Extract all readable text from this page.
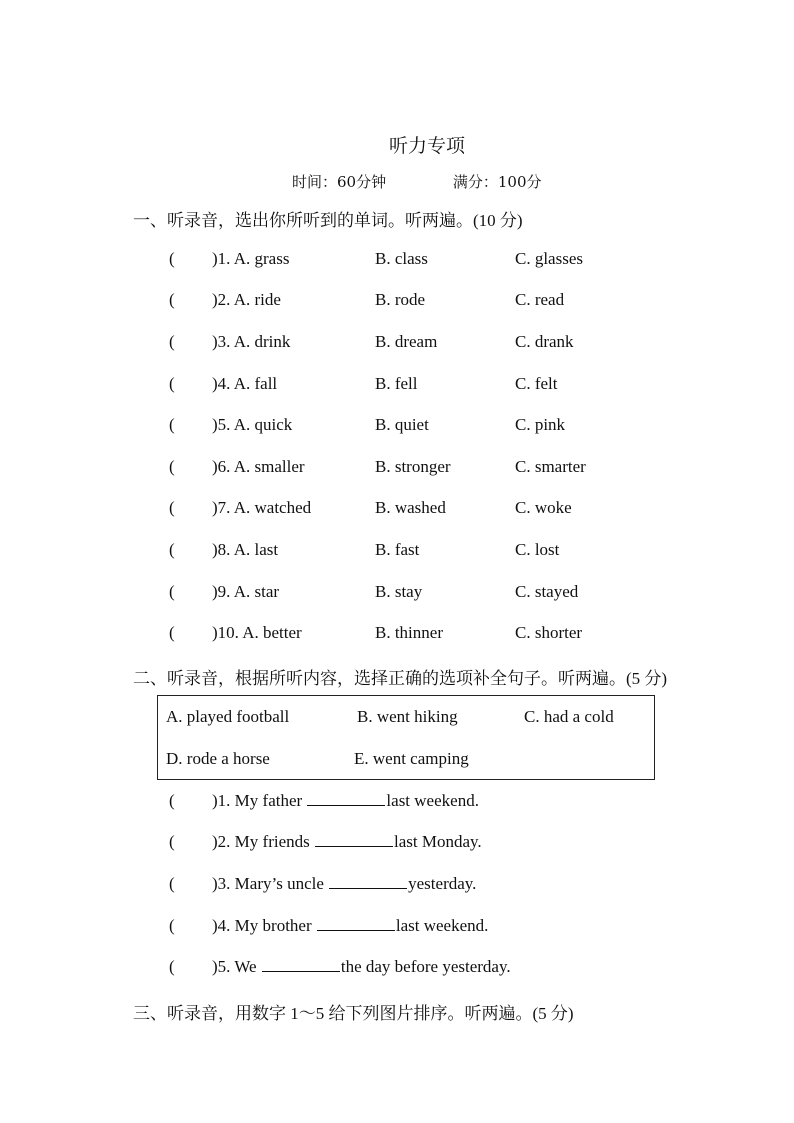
听力专项
时间：60分钟	满分：100分
一、听录音，选出你所听到的单词。听两遍。(10 分)
( )1. A. grass	B. class	C. glasses
( )2. A. ride	B. rode	C. read
( )3. A. drink	B. dream	C. drank
( )4. A. fall	B. fell	C. felt
( )5. A. quick	B. quiet	C. pink
( )6. A. smaller	B. stronger	C. smarter
( )7. A. watched	B. washed	C. woke
( )8. A. last	B. fast	C. lost
( )9. A. star	B. stay	C. stayed
( )10. A. better	B. thinner	C. shorter
二、听录音，根据所听内容，选择正确的选项补全句子。听两遍。(5 分)
A. played football	B. went hiking	C. had a cold
D. rode a horse	E. went camping
( )1. My father	last weekend.
( )2. My friends	last Monday.
( )3. Mary’s uncle	yesterday.
( )4. My brother	last weekend.
( )5. We	the day before yesterday.
三、听录音，用数字 1～5 给下列图片排序。听两遍。(5 分)
